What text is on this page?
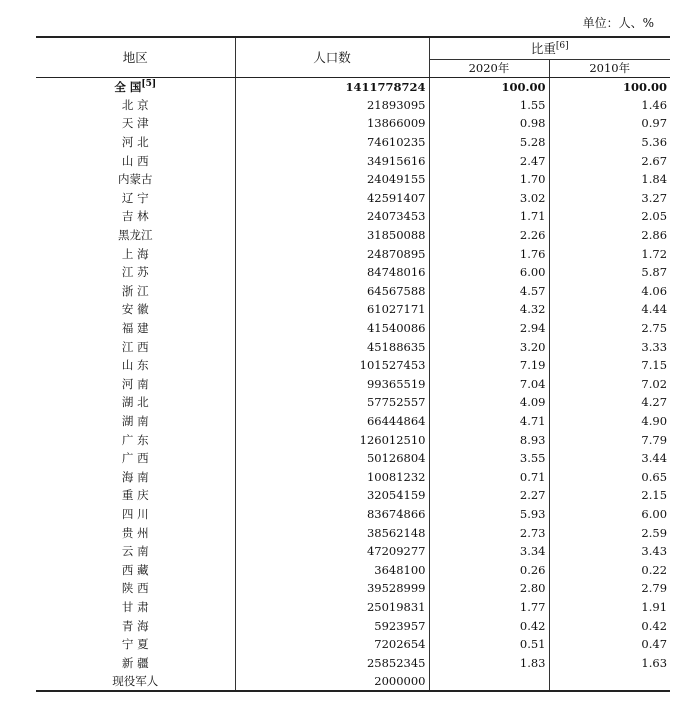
单位：人、%
地区	人口数	比重[6]
		2020年	2010年
全 国[5]	1411778724	100.00	100.00
北 京	21893095	1.55	1.46
天 津	13866009	0.98	0.97
河 北	74610235	5.28	5.36
山 西	34915616	2.47	2.67
内蒙古	24049155	1.70	1.84
辽 宁	42591407	3.02	3.27
吉 林	24073453	1.71	2.05
黑龙江	31850088	2.26	2.86
上 海	24870895	1.76	1.72
江 苏	84748016	6.00	5.87
浙 江	64567588	4.57	4.06
安 徽	61027171	4.32	4.44
福 建	41540086	2.94	2.75
江 西	45188635	3.20	3.33
山 东	101527453	7.19	7.15
河 南	99365519	7.04	7.02
湖 北	57752557	4.09	4.27
湖 南	66444864	4.71	4.90
广 东	126012510	8.93	7.79
广 西	50126804	3.55	3.44
海 南	10081232	0.71	0.65
重 庆	32054159	2.27	2.15
四 川	83674866	5.93	6.00
贵 州	38562148	2.73	2.59
云 南	47209277	3.34	3.43
西 藏	3648100	0.26	0.22
陕 西	39528999	2.80	2.79
甘 肃	25019831	1.77	1.91
青 海	5923957	0.42	0.42
宁 夏	7202654	0.51	0.47
新 疆	25852345	1.83	1.63
现役军人	2000000		
